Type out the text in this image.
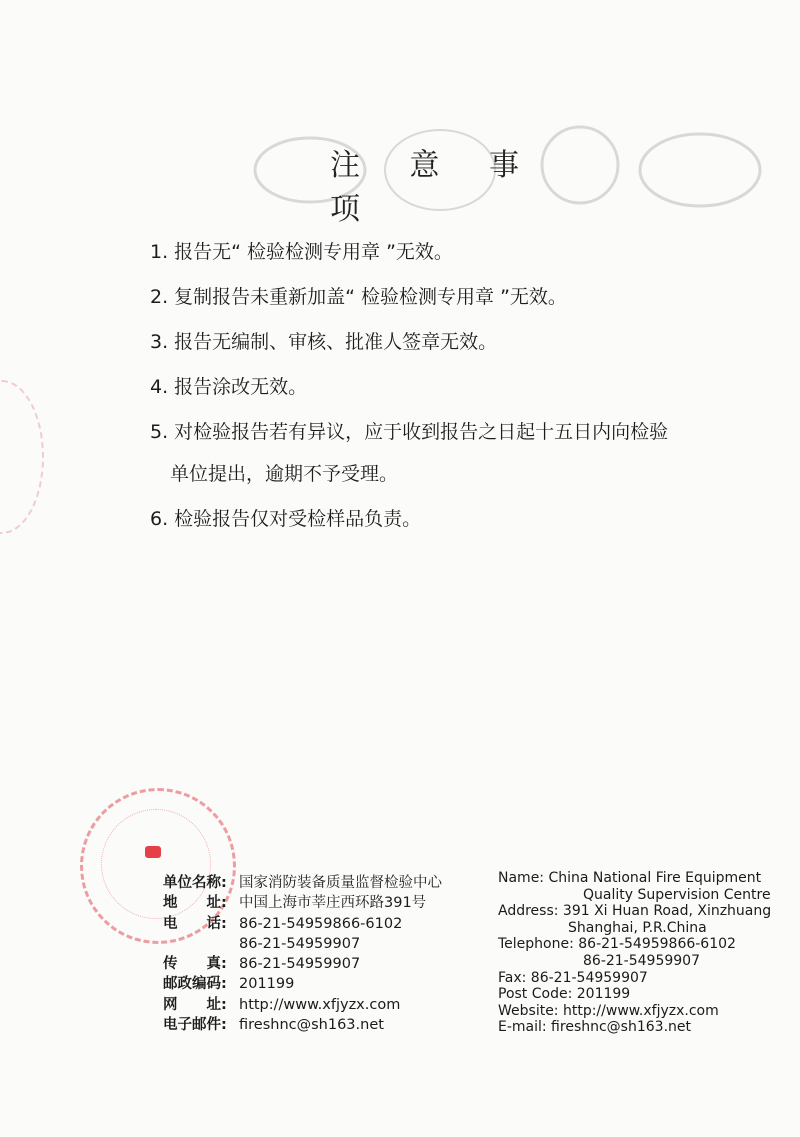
注 意 事 项
1. 报告无“ 检验检测专用章 ”无效。
2. 复制报告未重新加盖“ 检验检测专用章 ”无效。
3. 报告无编制、审核、批准人签章无效。
4. 报告涂改无效。
5. 对检验报告若有异议，应于收到报告之日起十五日内向检验
单位提出，逾期不予受理。
6. 检验报告仅对受检样品负责。
单位名称: 国家消防装备质量监督检验中心
地　　址: 中国上海市莘庄西环路391号
电　　话: 86-21-54959866-6102
86-21-54959907
传　　真: 86-21-54959907
邮政编码: 201199
网　　址: http://www.xfjyzx.com
电子邮件: fireshnc@sh163.net
Name: China National Fire Equipment
Quality Supervision Centre
Address: 391 Xi Huan Road, Xinzhuang
Shanghai, P.R.China
Telephone: 86-21-54959866-6102
86-21-54959907
Fax: 86-21-54959907
Post Code: 201199
Website: http://www.xfjyzx.com
E-mail: fireshnc@sh163.net
